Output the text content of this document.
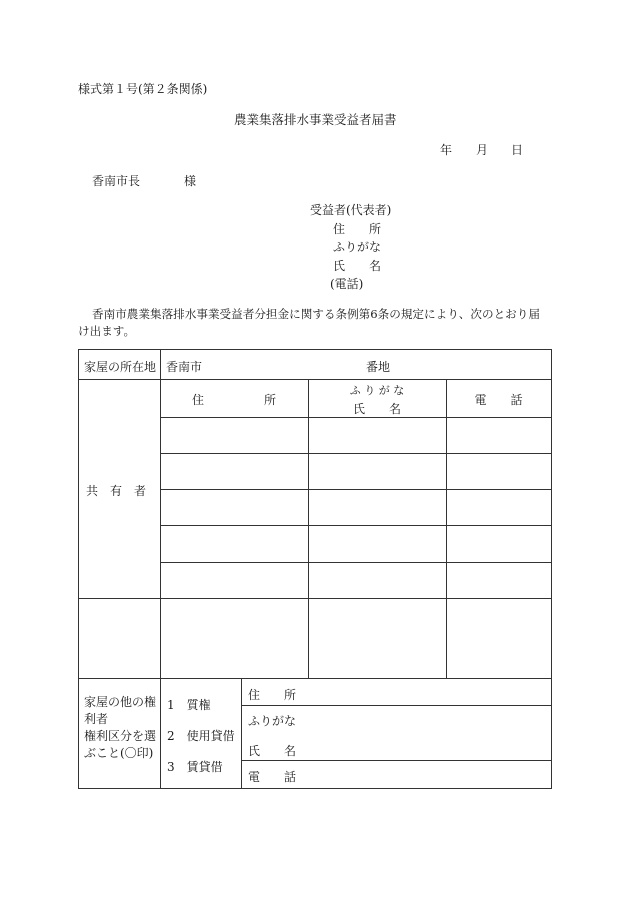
様式第１号(第２条関係)
農業集落排水事業受益者届書
年 月 日
香南市長	様
受益者(代表者)
住　　所
ふりがな
氏　　名
(電話)
香南市農業集落排水事業受益者分担金に関する条例第6条の規定により、次のとおり届
け出ます。
家屋の所在地 香南市	番地
住　　　　　所
ふ り が な
氏　　名
電　　話
共　有　者
家屋の他の権
利者
権利区分を選
ぶこと(〇印)
1　質権
2　使用貸借
3　賃貸借
住　　所
ふりがな
氏　　名
電　　話
